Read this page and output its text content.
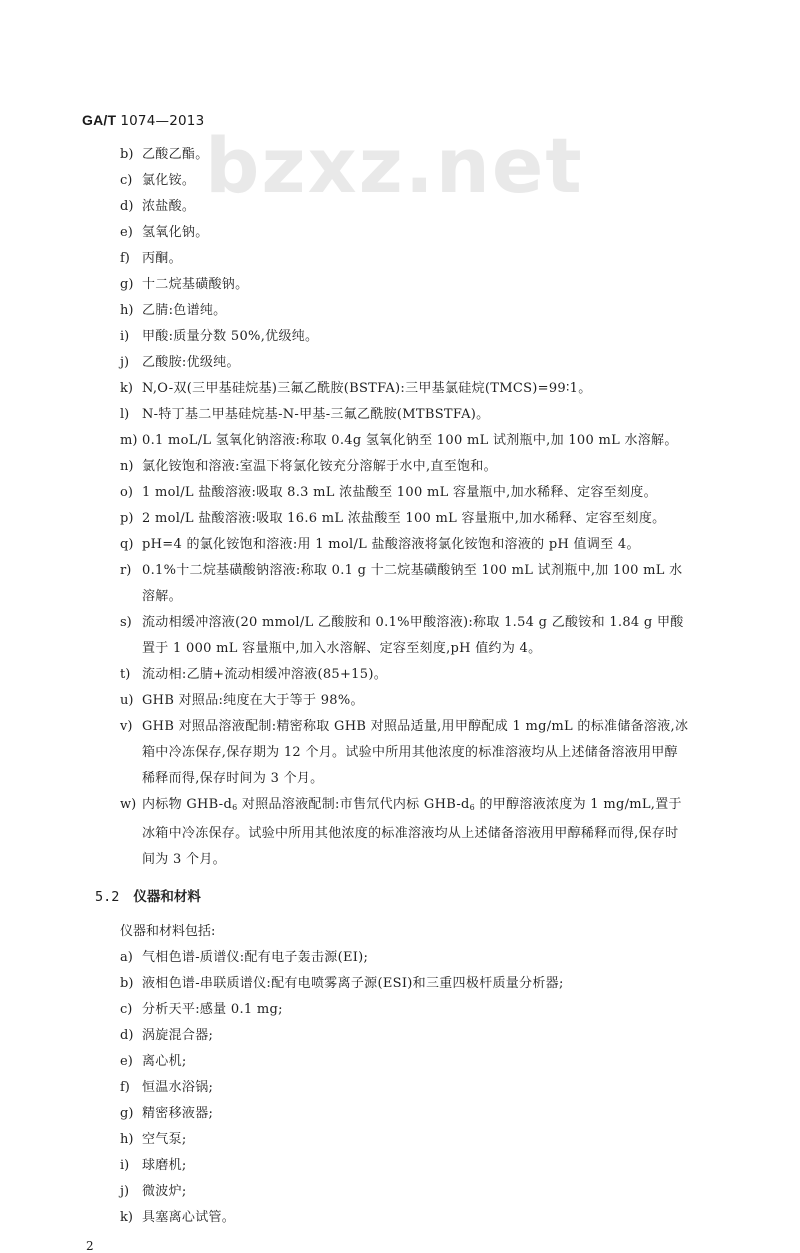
bzxz.net
GA/T 1074—2013
b) 乙酸乙酯。
c) 氯化铵。
d) 浓盐酸。
e) 氢氧化钠。
f) 丙酮。
g) 十二烷基磺酸钠。
h) 乙腈:色谱纯。
i) 甲酸:质量分数 50%,优级纯。
j) 乙酸胺:优级纯。
k) N,O-双(三甲基硅烷基)三氟乙酰胺(BSTFA):三甲基氯硅烷(TMCS)=99∶1。
l) N-特丁基二甲基硅烷基-N-甲基-三氟乙酰胺(MTBSTFA)。
m) 0.1 moL/L 氢氧化钠溶液:称取 0.4g 氢氧化钠至 100 mL 试剂瓶中,加 100 mL 水溶解。
n) 氯化铵饱和溶液:室温下将氯化铵充分溶解于水中,直至饱和。
o) 1 mol/L 盐酸溶液:吸取 8.3 mL 浓盐酸至 100 mL 容量瓶中,加水稀释、定容至刻度。
p) 2 mol/L 盐酸溶液:吸取 16.6 mL 浓盐酸至 100 mL 容量瓶中,加水稀释、定容至刻度。
q) pH=4 的氯化铵饱和溶液:用 1 mol/L 盐酸溶液将氯化铵饱和溶液的 pH 值调至 4。
r) 0.1%十二烷基磺酸钠溶液:称取 0.1 g 十二烷基磺酸钠至 100 mL 试剂瓶中,加 100 mL 水溶解。
s) 流动相缓冲溶液(20 mmol/L 乙酸胺和 0.1%甲酸溶液):称取 1.54 g 乙酸铵和 1.84 g 甲酸置于 1 000 mL 容量瓶中,加入水溶解、定容至刻度,pH 值约为 4。
t) 流动相:乙腈+流动相缓冲溶液(85+15)。
u) GHB 对照品:纯度在大于等于 98%。
v) GHB 对照品溶液配制:精密称取 GHB 对照品适量,用甲醇配成 1 mg/mL 的标准储备溶液,冰箱中冷冻保存,保存期为 12 个月。试验中所用其他浓度的标准溶液均从上述储备溶液用甲醇稀释而得,保存时间为 3 个月。
w) 内标物 GHB-$d_6$ 对照品溶液配制:市售氘代内标 GHB-$d_6$ 的甲醇溶液浓度为 1 mg/mL,置于冰箱中冷冻保存。试验中所用其他浓度的标准溶液均从上述储备溶液用甲醇稀释而得,保存时间为 3 个月。
5.2 仪器和材料
仪器和材料包括:
a) 气相色谱-质谱仪:配有电子轰击源(EI);
b) 液相色谱-串联质谱仪:配有电喷雾离子源(ESI)和三重四极杆质量分析器;
c) 分析天平:感量 0.1 mg;
d) 涡旋混合器;
e) 离心机;
f) 恒温水浴锅;
g) 精密移液器;
h) 空气泵;
i) 球磨机;
j) 微波炉;
k) 具塞离心试管。
2
